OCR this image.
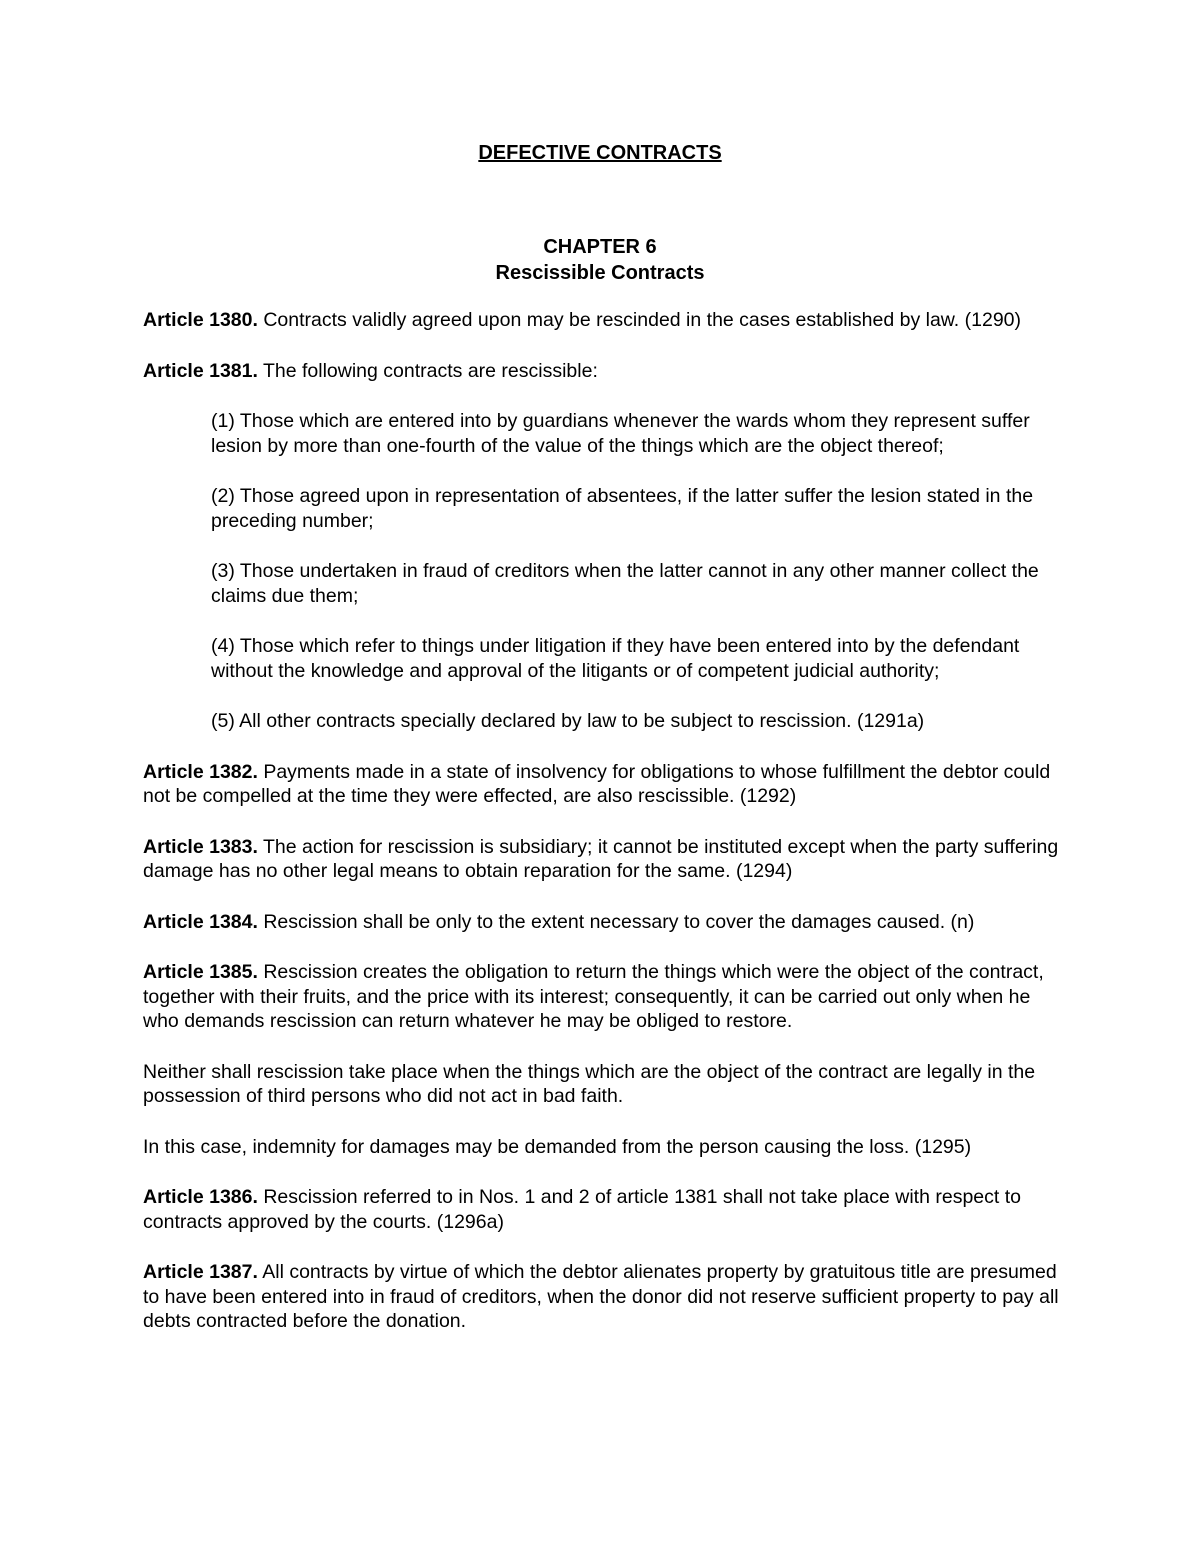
DEFECTIVE CONTRACTS
CHAPTER 6
Rescissible Contracts

Article 1380. Contracts validly agreed upon may be rescinded in the cases established by law. (1290)

Article 1381. The following contracts are rescissible:

(1) Those which are entered into by guardians whenever the wards whom they represent suffer lesion by more than one-fourth of the value of the things which are the object thereof;

(2) Those agreed upon in representation of absentees, if the latter suffer the lesion stated in the preceding number;

(3) Those undertaken in fraud of creditors when the latter cannot in any other manner collect the claims due them;

(4) Those which refer to things under litigation if they have been entered into by the defendant without the knowledge and approval of the litigants or of competent judicial authority;

(5) All other contracts specially declared by law to be subject to rescission. (1291a)

Article 1382. Payments made in a state of insolvency for obligations to whose fulfillment the debtor could not be compelled at the time they were effected, are also rescissible. (1292)

Article 1383. The action for rescission is subsidiary; it cannot be instituted except when the party suffering damage has no other legal means to obtain reparation for the same. (1294)

Article 1384. Rescission shall be only to the extent necessary to cover the damages caused. (n)

Article 1385. Rescission creates the obligation to return the things which were the object of the contract, together with their fruits, and the price with its interest; consequently, it can be carried out only when he who demands rescission can return whatever he may be obliged to restore.

Neither shall rescission take place when the things which are the object of the contract are legally in the possession of third persons who did not act in bad faith.

In this case, indemnity for damages may be demanded from the person causing the loss. (1295)

Article 1386. Rescission referred to in Nos. 1 and 2 of article 1381 shall not take place with respect to contracts approved by the courts. (1296a)

Article 1387. All contracts by virtue of which the debtor alienates property by gratuitous title are presumed to have been entered into in fraud of creditors, when the donor did not reserve sufficient property to pay all debts contracted before the donation.
